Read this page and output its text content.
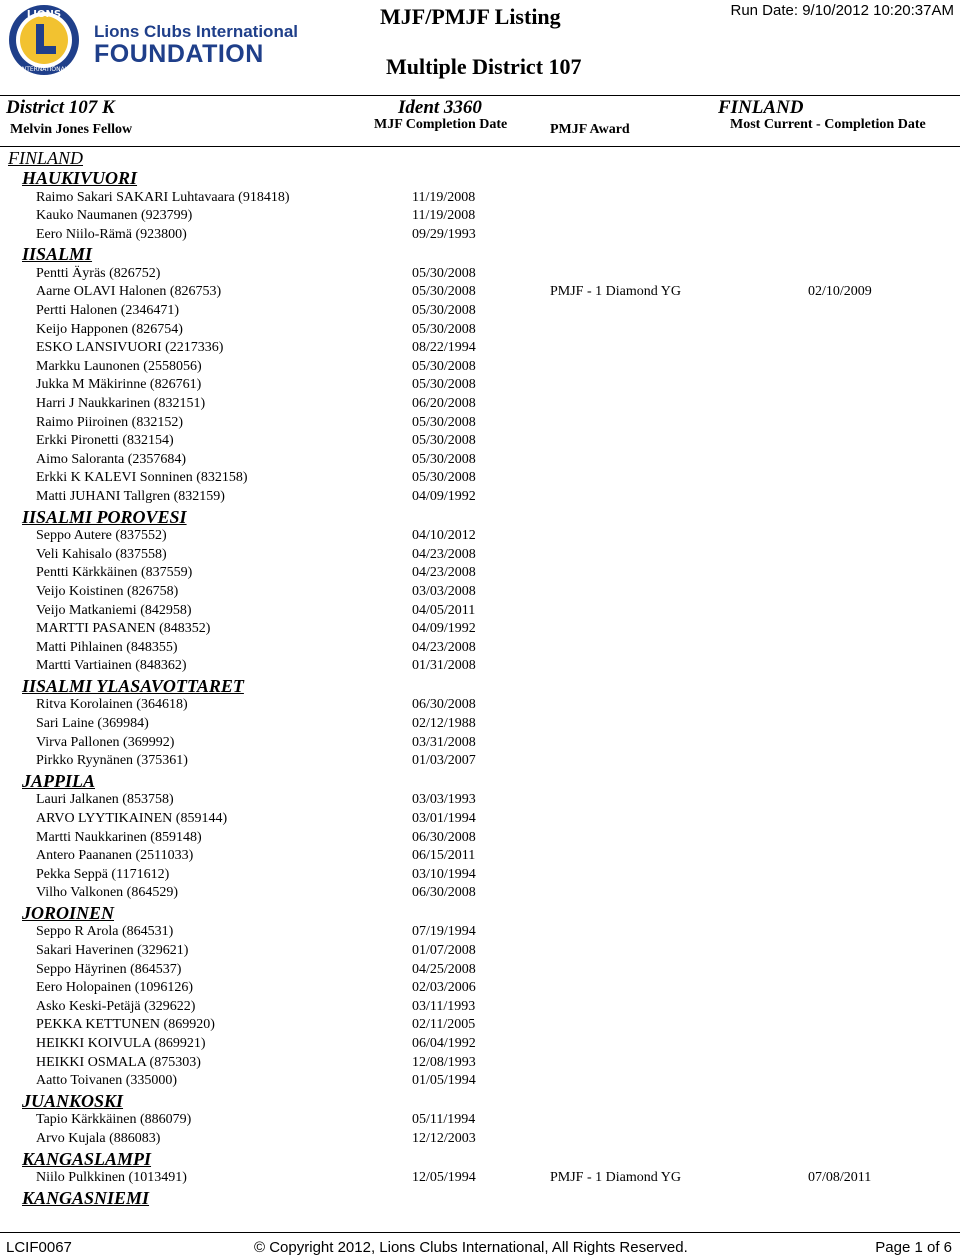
LIONS
INTERNATIONAL
Lions Clubs International
FOUNDATION
MJF/PMJF Listing
Multiple District 107
Run Date: 9/10/2012 10:20:37AM
District 107 K	Ident 3360	FINLAND
Melvin Jones Fellow	MJF Completion Date	PMJF Award	Most Current - Completion Date
FINLAND
HAUKIVUORI
Raimo Sakari SAKARI Luhtavaara (918418)	11/19/2008
Kauko Naumanen (923799)	11/19/2008
Eero Niilo-Rämä (923800)	09/29/1993
IISALMI
Pentti Äyräs (826752)	05/30/2008
Aarne OLAVI Halonen (826753)	05/30/2008	PMJF - 1 Diamond YG	02/10/2009
Pertti Halonen (2346471)	05/30/2008
Keijo Happonen (826754)	05/30/2008
ESKO LANSIVUORI (2217336)	08/22/1994
Markku Launonen (2558056)	05/30/2008
Jukka M Mäkirinne (826761)	05/30/2008
Harri J Naukkarinen (832151)	06/20/2008
Raimo Piiroinen (832152)	05/30/2008
Erkki Pironetti (832154)	05/30/2008
Aimo Saloranta (2357684)	05/30/2008
Erkki K KALEVI Sonninen (832158)	05/30/2008
Matti JUHANI Tallgren (832159)	04/09/1992
IISALMI POROVESI
Seppo Autere (837552)	04/10/2012
Veli Kahisalo (837558)	04/23/2008
Pentti Kärkkäinen (837559)	04/23/2008
Veijo Koistinen (826758)	03/03/2008
Veijo Matkaniemi (842958)	04/05/2011
MARTTI PASANEN (848352)	04/09/1992
Matti Pihlainen (848355)	04/23/2008
Martti Vartiainen (848362)	01/31/2008
IISALMI YLASAVOTTARET
Ritva Korolainen (364618)	06/30/2008
Sari Laine (369984)	02/12/1988
Virva Pallonen (369992)	03/31/2008
Pirkko Ryynänen (375361)	01/03/2007
JAPPILA
Lauri Jalkanen (853758)	03/03/1993
ARVO LYYTIKAINEN (859144)	03/01/1994
Martti Naukkarinen (859148)	06/30/2008
Antero Paananen (2511033)	06/15/2011
Pekka Seppä (1171612)	03/10/1994
Vilho Valkonen (864529)	06/30/2008
JOROINEN
Seppo R Arola (864531)	07/19/1994
Sakari Haverinen (329621)	01/07/2008
Seppo Häyrinen (864537)	04/25/2008
Eero Holopainen (1096126)	02/03/2006
Asko Keski-Petäjä (329622)	03/11/1993
PEKKA KETTUNEN (869920)	02/11/2005
HEIKKI KOIVULA (869921)	06/04/1992
HEIKKI OSMALA (875303)	12/08/1993
Aatto Toivanen (335000)	01/05/1994
JUANKOSKI
Tapio Kärkkäinen (886079)	05/11/1994
Arvo Kujala (886083)	12/12/2003
KANGASLAMPI
Niilo Pulkkinen (1013491)	12/05/1994	PMJF - 1 Diamond YG	07/08/2011
KANGASNIEMI
LCIF0067	© Copyright 2012, Lions Clubs International, All Rights Reserved.	Page 1 of 6
